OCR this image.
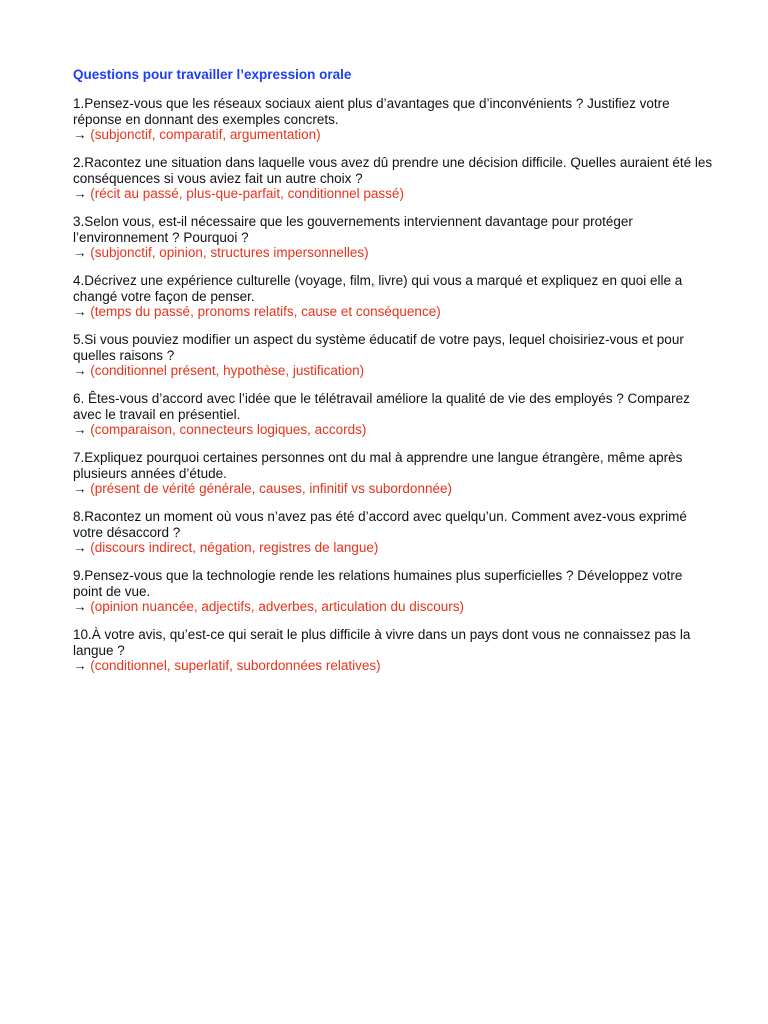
Questions pour travailler l’expression orale
1.Pensez-vous que les réseaux sociaux aient plus d’avantages que d’inconvénients ? Justifiez votre réponse en donnant des exemples concrets.
→ (subjonctif, comparatif, argumentation)
2.Racontez une situation dans laquelle vous avez dû prendre une décision difficile. Quelles auraient été les conséquences si vous aviez fait un autre choix ?
→ (récit au passé, plus-que-parfait, conditionnel passé)
3.Selon vous, est-il nécessaire que les gouvernements interviennent davantage pour protéger l’environnement ? Pourquoi ?
→ (subjonctif, opinion, structures impersonnelles)
4.Décrivez une expérience culturelle (voyage, film, livre) qui vous a marqué et expliquez en quoi elle a changé votre façon de penser.
→ (temps du passé, pronoms relatifs, cause et conséquence)
5.Si vous pouviez modifier un aspect du système éducatif de votre pays, lequel choisiriez-vous et pour quelles raisons ?
→ (conditionnel présent, hypothèse, justification)
6. Êtes-vous d’accord avec l’idée que le télétravail améliore la qualité de vie des employés ? Comparez avec le travail en présentiel.
→ (comparaison, connecteurs logiques, accords)
7.Expliquez pourquoi certaines personnes ont du mal à apprendre une langue étrangère, même après plusieurs années d’étude.
→ (présent de vérité générale, causes, infinitif vs subordonnée)
8.Racontez un moment où vous n’avez pas été d’accord avec quelqu’un. Comment avez-vous exprimé votre désaccord ?
→ (discours indirect, négation, registres de langue)
9.Pensez-vous que la technologie rende les relations humaines plus superficielles ? Développez votre point de vue.
→ (opinion nuancée, adjectifs, adverbes, articulation du discours)
10.À votre avis, qu’est-ce qui serait le plus difficile à vivre dans un pays dont vous ne connaissez pas la langue ?
→ (conditionnel, superlatif, subordonnées relatives)
